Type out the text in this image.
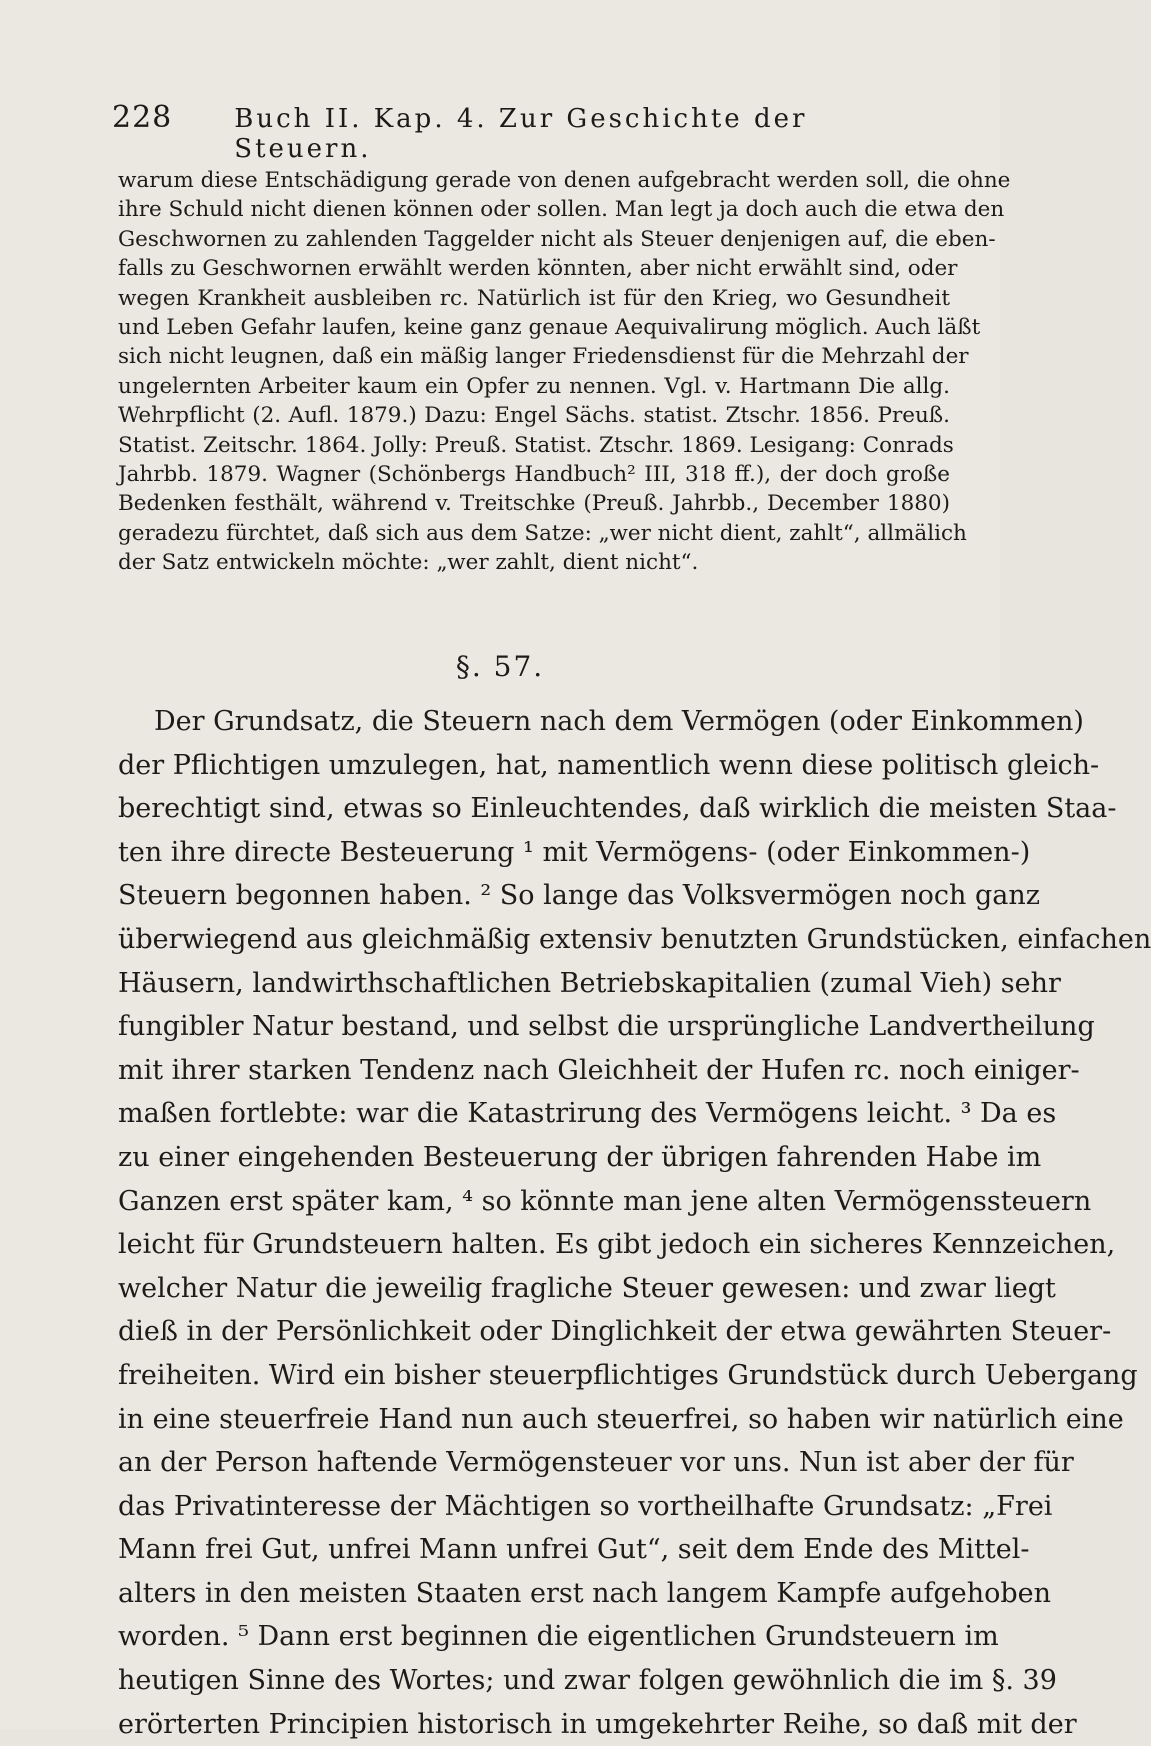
228 Buch II. Kap. 4. Zur Geschichte der Steuern.
warum diese Entschädigung gerade von denen aufgebracht werden soll, die ohne
ihre Schuld nicht dienen können oder sollen. Man legt ja doch auch die etwa den
Geschwornen zu zahlenden Taggelder nicht als Steuer denjenigen auf, die eben-
falls zu Geschwornen erwählt werden könnten, aber nicht erwählt sind, oder
wegen Krankheit ausbleiben rc. Natürlich ist für den Krieg, wo Gesundheit
und Leben Gefahr laufen, keine ganz genaue Aequivalirung möglich. Auch läßt
sich nicht leugnen, daß ein mäßig langer Friedensdienst für die Mehrzahl der
ungelernten Arbeiter kaum ein Opfer zu nennen. Vgl. v. Hartmann Die allg.
Wehrpflicht (2. Aufl. 1879.) Dazu: Engel Sächs. statist. Ztschr. 1856. Preuß.
Statist. Zeitschr. 1864. Jolly: Preuß. Statist. Ztschr. 1869. Lesigang: Conrads
Jahrbb. 1879. Wagner (Schönbergs Handbuch² III, 318 ff.), der doch große
Bedenken festhält, während v. Treitschke (Preuß. Jahrbb., December 1880)
geradezu fürchtet, daß sich aus dem Satze: „wer nicht dient, zahlt“, allmälich
der Satz entwickeln möchte: „wer zahlt, dient nicht“.
§. 57.
Der Grundsatz, die Steuern nach dem Vermögen (oder Einkommen)
der Pflichtigen umzulegen, hat, namentlich wenn diese politisch gleich-
berechtigt sind, etwas so Einleuchtendes, daß wirklich die meisten Staa-
ten ihre directe Besteuerung ¹ mit Vermögens- (oder Einkommen-)
Steuern begonnen haben. ² So lange das Volksvermögen noch ganz
überwiegend aus gleichmäßig extensiv benutzten Grundstücken, einfachen
Häusern, landwirthschaftlichen Betriebskapitalien (zumal Vieh) sehr
fungibler Natur bestand, und selbst die ursprüngliche Landvertheilung
mit ihrer starken Tendenz nach Gleichheit der Hufen rc. noch einiger-
maßen fortlebte: war die Katastrirung des Vermögens leicht. ³ Da es
zu einer eingehenden Besteuerung der übrigen fahrenden Habe im
Ganzen erst später kam, ⁴ so könnte man jene alten Vermögenssteuern
leicht für Grundsteuern halten. Es gibt jedoch ein sicheres Kennzeichen,
welcher Natur die jeweilig fragliche Steuer gewesen: und zwar liegt
dieß in der Persönlichkeit oder Dinglichkeit der etwa gewährten Steuer-
freiheiten. Wird ein bisher steuerpflichtiges Grundstück durch Uebergang
in eine steuerfreie Hand nun auch steuerfrei, so haben wir natürlich eine
an der Person haftende Vermögensteuer vor uns. Nun ist aber der für
das Privatinteresse der Mächtigen so vortheilhafte Grundsatz: „Frei
Mann frei Gut, unfrei Mann unfrei Gut“, seit dem Ende des Mittel-
alters in den meisten Staaten erst nach langem Kampfe aufgehoben
worden. ⁵ Dann erst beginnen die eigentlichen Grundsteuern im
heutigen Sinne des Wortes; und zwar folgen gewöhnlich die im §. 39
erörterten Principien historisch in umgekehrter Reihe, so daß mit der
